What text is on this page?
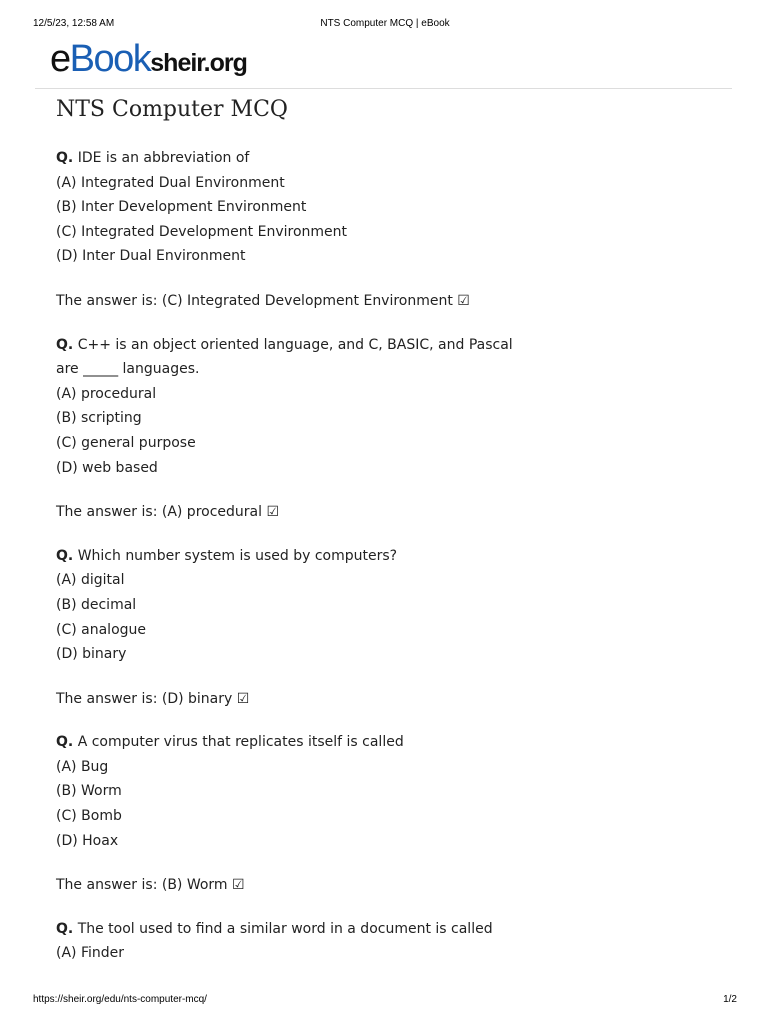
12/5/23, 12:58 AM	NTS Computer MCQ | eBook
eBooksheir.org
NTS Computer MCQ
Q. IDE is an abbreviation of
(A) Integrated Dual Environment
(B) Inter Development Environment
(C) Integrated Development Environment
(D) Inter Dual Environment

The answer is: (C) Integrated Development Environment ☑

Q. C++ is an object oriented language, and C, BASIC, and Pascal are _____ languages.
(A) procedural
(B) scripting
(C) general purpose
(D) web based

The answer is: (A) procedural ☑

Q. Which number system is used by computers?
(A) digital
(B) decimal
(C) analogue
(D) binary

The answer is: (D) binary ☑

Q. A computer virus that replicates itself is called
(A) Bug
(B) Worm
(C) Bomb
(D) Hoax

The answer is: (B) Worm ☑

Q. The tool used to find a similar word in a document is called
(A) Finder
https://sheir.org/edu/nts-computer-mcq/	1/2
